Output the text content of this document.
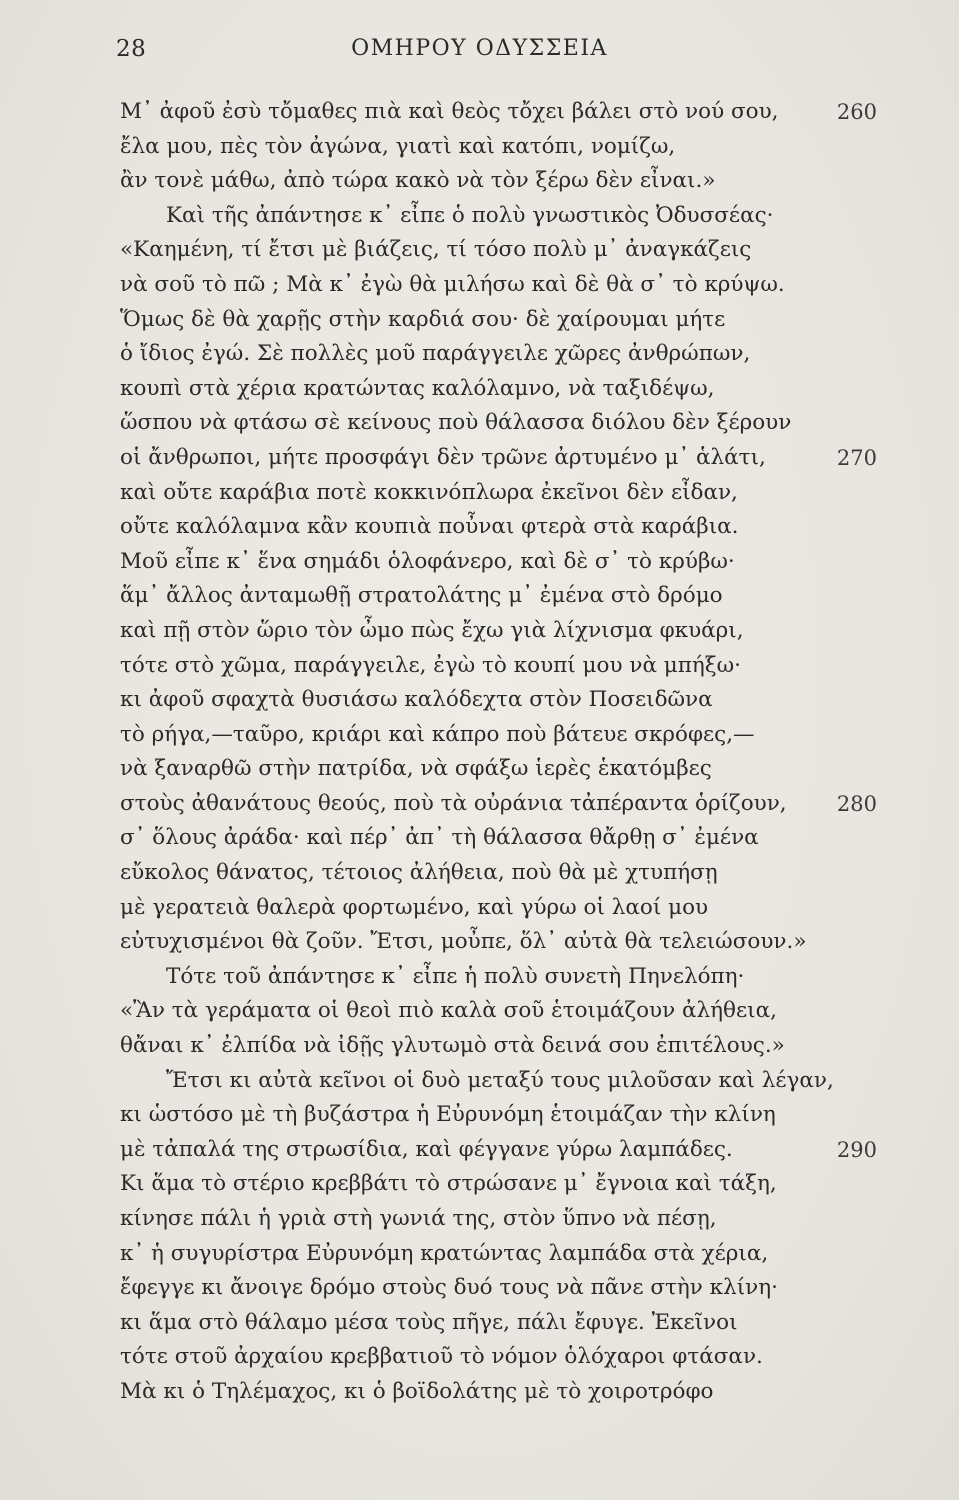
28	ΟΜΗΡΟΥ ΟΔΥΣΣΕΙΑ
Μ᾽ ἀφοῦ ἐσὺ τὄμαθες πιὰ καὶ θεὸς τὄχει βάλει στὸ νού σου,	260
ἔλα μου, πὲς τὸν ἀγώνα, γιατὶ καὶ κατόπι, νομίζω,
ἂν τονὲ μάθω, ἀπὸ τώρα κακὸ νὰ τὸν ξέρω δὲν εἶναι.»
Καὶ τῆς ἀπάντησε κ᾽ εἶπε ὁ πολὺ γνωστικὸς Ὀδυσσέας·
«Καημένη, τί ἔτσι μὲ βιάζεις, τί τόσο πολὺ μ᾽ ἀναγκάζεις
νὰ σοῦ τὸ πῶ ; Μὰ κ᾽ ἐγὼ θὰ μιλήσω καὶ δὲ θὰ σ᾽ τὸ κρύψω.
Ὅμως δὲ θὰ χαρῇς στὴν καρδιά σου· δὲ χαίρουμαι μήτε
ὁ ἴδιος ἐγώ. Σὲ πολλὲς μοῦ παράγγειλε χῶρες ἀνθρώπων,
κουπὶ στὰ χέρια κρατώντας καλόλαμνο, νὰ ταξιδέψω,
ὥσπου νὰ φτάσω σὲ κείνους ποὺ θάλασσα διόλου δὲν ξέρουν
οἱ ἄνθρωποι, μήτε προσφάγι δὲν τρῶνε ἀρτυμένο μ᾽ ἁλάτι,	270
καὶ οὔτε καράβια ποτὲ κοκκινόπλωρα ἐκεῖνοι δὲν εἶδαν,
οὔτε καλόλαμνα κἂν κουπιὰ ποὖναι φτερὰ στὰ καράβια.
Μοῦ εἶπε κ᾽ ἕνα σημάδι ὁλοφάνερο, καὶ δὲ σ᾽ τὸ κρύβω·
ἅμ᾽ ἄλλος ἀνταμωθῇ στρατολάτης μ᾽ ἐμένα στὸ δρόμο
καὶ πῇ στὸν ὥριο τὸν ὦμο πὼς ἔχω γιὰ λίχνισμα φκυάρι,
τότε στὸ χῶμα, παράγγειλε, ἐγὼ τὸ κουπί μου νὰ μπήξω·
κι ἀφοῦ σφαχτὰ θυσιάσω καλόδεχτα στὸν Ποσειδῶνα
τὸ ρήγα,—ταῦρο, κριάρι καὶ κάπρο ποὺ βάτευε σκρόφες,—
νὰ ξαναρθῶ στὴν πατρίδα, νὰ σφάξω ἱερὲς ἑκατόμβες
στοὺς ἀθανάτους θεούς, ποὺ τὰ οὐράνια τἀπέραντα ὁρίζουν, 280
σ᾽ ὅλους ἀράδα· καὶ πέρ᾽ ἀπ᾽ τὴ θάλασσα θἄρθῃ σ᾽ ἐμένα
εὔκολος θάνατος, τέτοιος ἀλήθεια, ποὺ θὰ μὲ χτυπήσῃ
μὲ γερατειὰ θαλερὰ φορτωμένο, καὶ γύρω οἱ λαοί μου
εὐτυχισμένοι θὰ ζοῦν. Ἔτσι, μοὖπε, ὅλ᾽ αὐτὰ θὰ τελειώσουν.»
Τότε τοῦ ἀπάντησε κ᾽ εἶπε ἡ πολὺ συνετὴ Πηνελόπη·
«Ἂν τὰ γεράματα οἱ θεοὶ πιὸ καλὰ σοῦ ἑτοιμάζουν ἀλήθεια,
θἄναι κ᾽ ἐλπίδα νὰ ἰδῇς γλυτωμὸ στὰ δεινά σου ἐπιτέλους.»
Ἔτσι κι αὐτὰ κεῖνοι οἱ δυὸ μεταξύ τους μιλοῦσαν καὶ λέγαν,
κι ὡστόσο μὲ τὴ βυζάστρα ἡ Εὐρυνόμη ἑτοιμάζαν τὴν κλίνη
μὲ τἀπαλά της στρωσίδια, καὶ φέγγανε γύρω λαμπάδες.	290
Κι ἅμα τὸ στέριο κρεββάτι τὸ στρώσανε μ᾽ ἔγνοια καὶ τάξη,
κίνησε πάλι ἡ γριὰ στὴ γωνιά της, στὸν ὕπνο νὰ πέσῃ,
κ᾽ ἡ συγυρίστρα Εὐρυνόμη κρατώντας λαμπάδα στὰ χέρια,
ἔφεγγε κι ἄνοιγε δρόμο στοὺς δυό τους νὰ πᾶνε στὴν κλίνη·
κι ἅμα στὸ θάλαμο μέσα τοὺς πῆγε, πάλι ἔφυγε. Ἐκεῖνοι
τότε στοῦ ἀρχαίου κρεββατιοῦ τὸ νόμον ὁλόχαροι φτάσαν.
Μὰ κι ὁ Τηλέμαχος, κι ὁ βοϊδολάτης μὲ τὸ χοιροτρόφο
